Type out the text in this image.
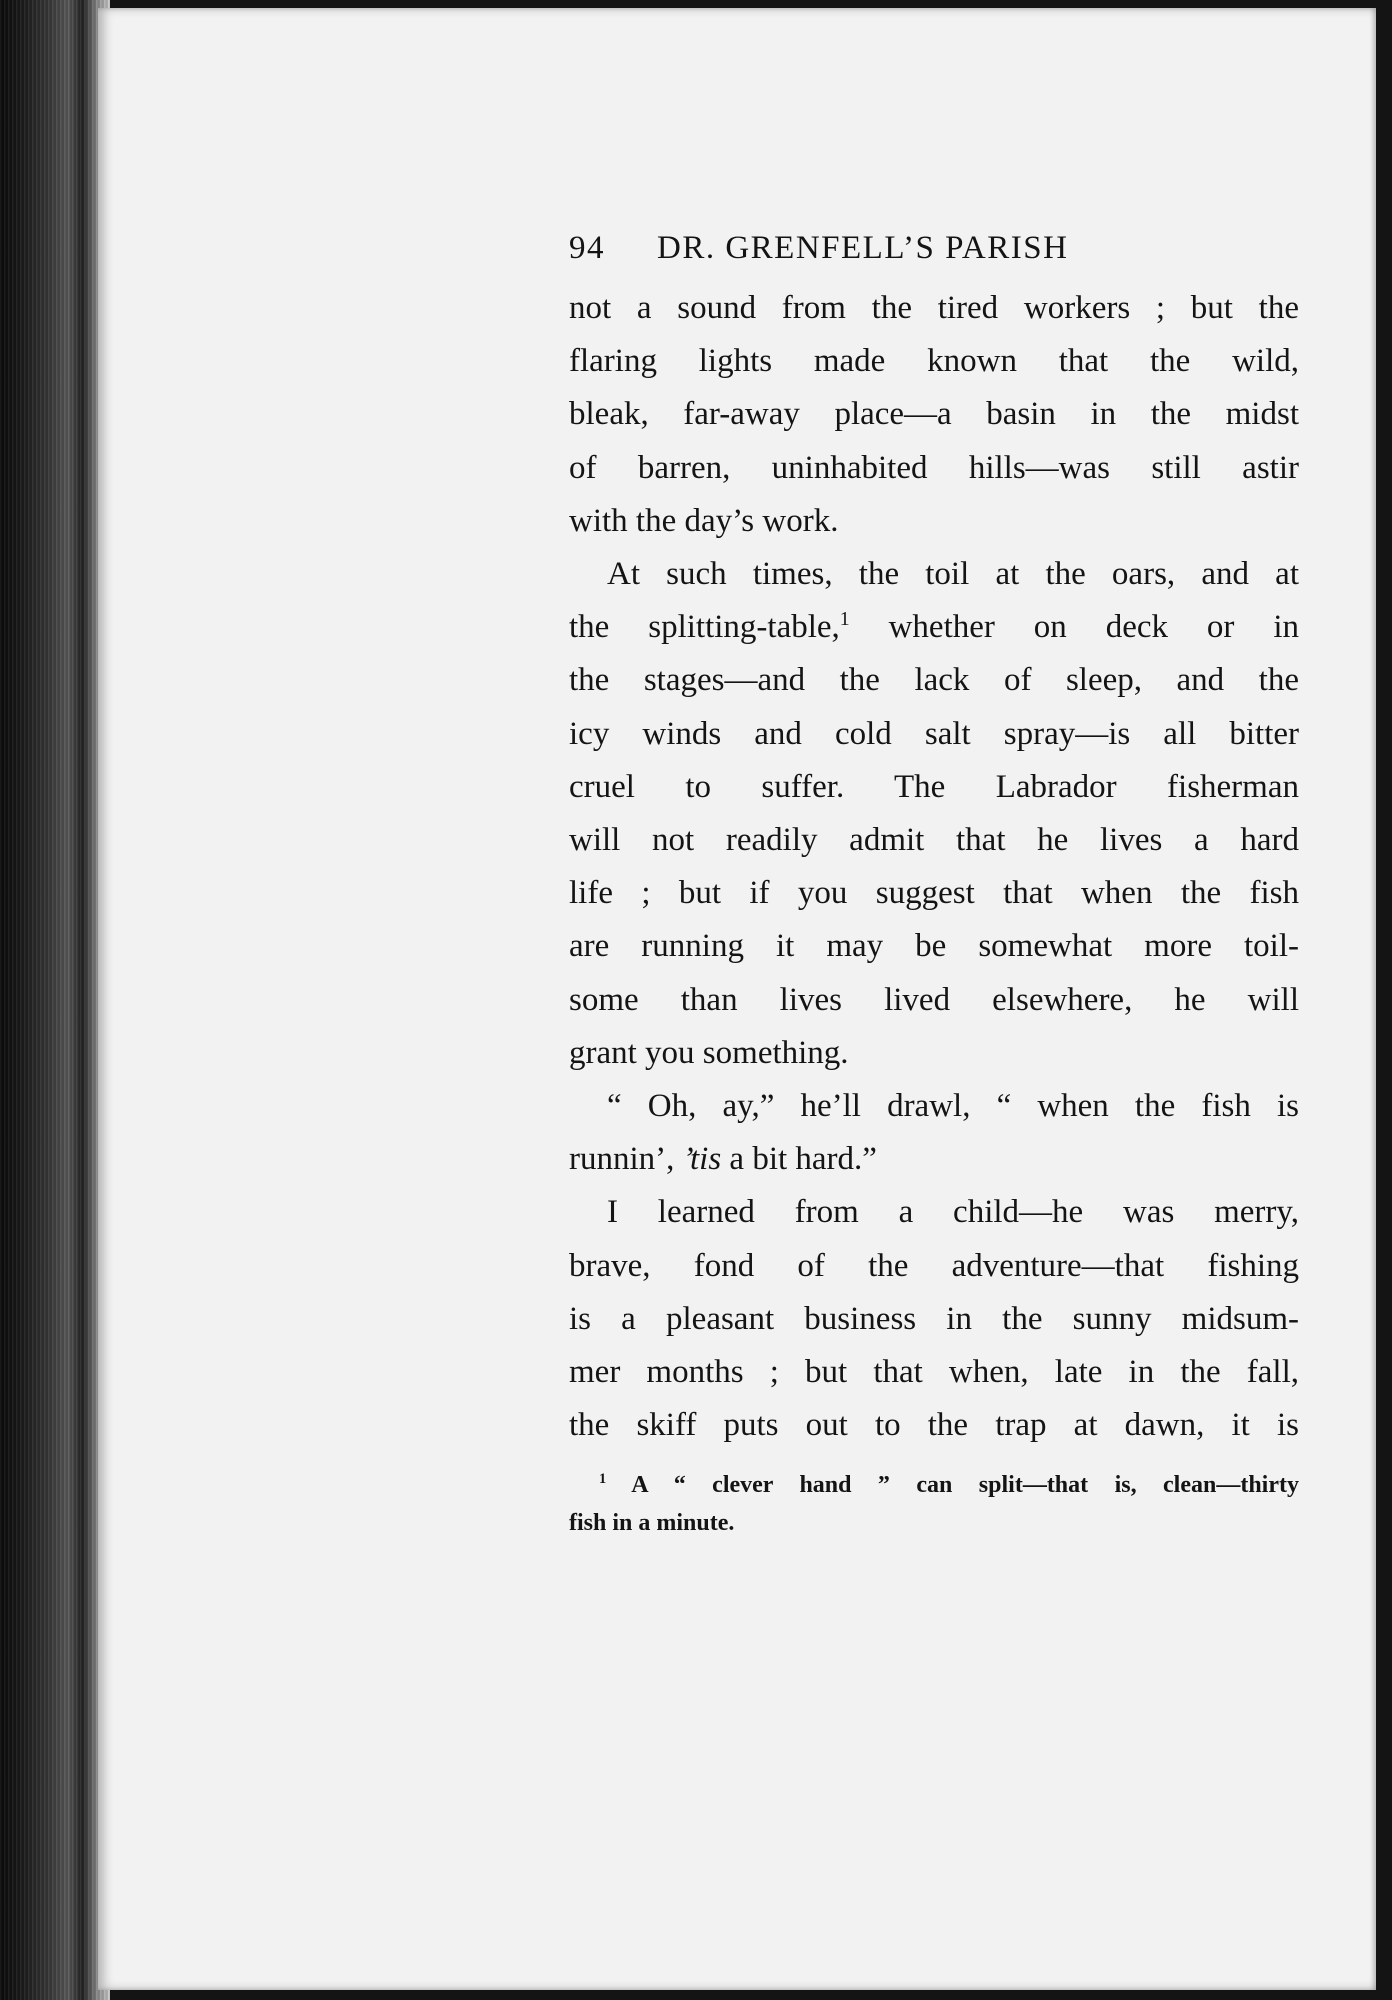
94	DR. GRENFELL’S PARISH
not a sound from the tired workers ; but the
flaring lights made known that the wild,
bleak, far-away place—a basin in the midst
of barren, uninhabited hills—was still astir
with the day’s work.
At such times, the toil at the oars, and at
the splitting-table,$^1$ whether on deck or in
the stages—and the lack of sleep, and the
icy winds and cold salt spray—is all bitter
cruel to suffer. The Labrador fisherman
will not readily admit that he lives a hard
life ; but if you suggest that when the fish
are running it may be somewhat more toil-
some than lives lived elsewhere, he will
grant you something.
“ Oh, ay,” he’ll drawl, “ when the fish is
runnin’, ’tis a bit hard.”
I learned from a child—he was merry,
brave, fond of the adventure—that fishing
is a pleasant business in the sunny midsum-
mer months ; but that when, late in the fall,
the skiff puts out to the trap at dawn, it is
$^1$ A “ clever hand ” can split—that is, clean—thirty
fish in a minute.
